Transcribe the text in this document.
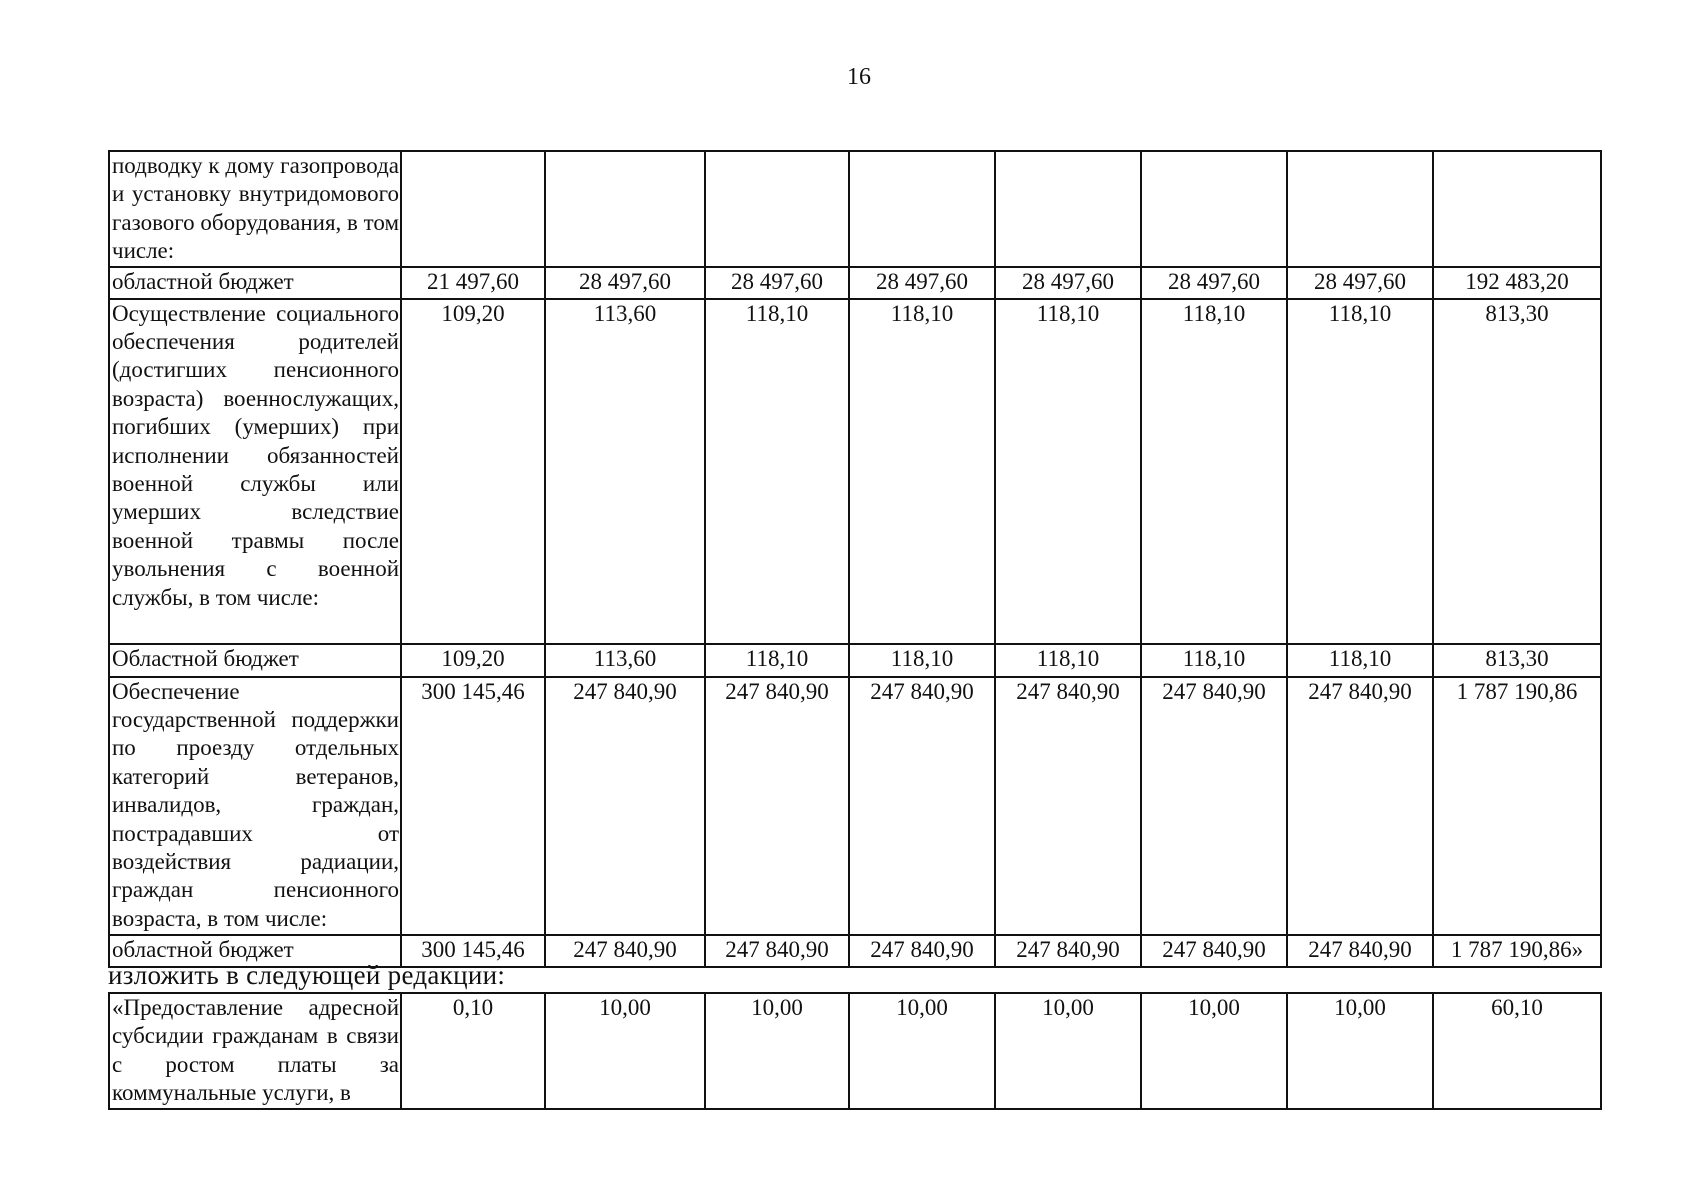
16
подводку к дому газопровода и установку внутридомового газового оборудования, в том числе:								
областной бюджет	21 497,60	28 497,60	28 497,60	28 497,60	28 497,60	28 497,60	28 497,60	192 483,20
Осуществление социального обеспечения родителей (достигших пенсионного возраста) военнослужащих, погибших (умерших) при исполнении обязанностей военной службы или умерших вследствие военной травмы после увольнения с военной службы, в том числе:	109,20	113,60	118,10	118,10	118,10	118,10	118,10	813,30
Областной бюджет	109,20	113,60	118,10	118,10	118,10	118,10	118,10	813,30
Обеспечение государственной поддержки по проезду отдельных категорий ветеранов, инвалидов, граждан, пострадавших от воздействия радиации, граждан пенсионного возраста, в том числе:	300 145,46	247 840,90	247 840,90	247 840,90	247 840,90	247 840,90	247 840,90	1 787 190,86
областной бюджет	300 145,46	247 840,90	247 840,90	247 840,90	247 840,90	247 840,90	247 840,90	1 787 190,86»
изложить в следующей редакции:
«Предоставление адресной субсидии гражданам в связи с ростом платы за коммунальные услуги, в	0,10	10,00	10,00	10,00	10,00	10,00	10,00	60,10
